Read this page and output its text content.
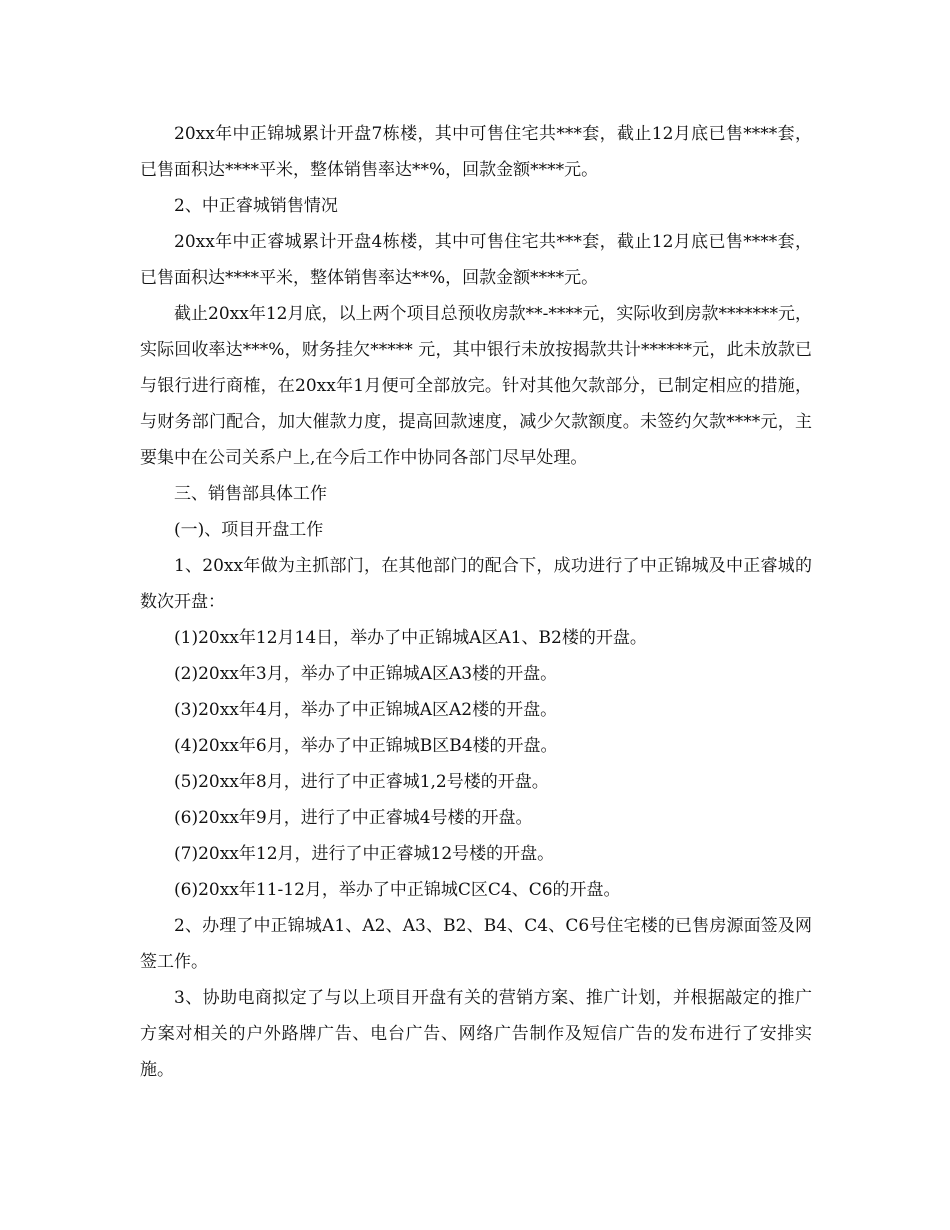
20xx年中正锦城累计开盘7栋楼，其中可售住宅共***套，截止12月底已售****套，已售面积达****平米，整体销售率达**%，回款金额****元。

2、中正睿城销售情况

20xx年中正睿城累计开盘4栋楼，其中可售住宅共***套，截止12月底已售****套，已售面积达****平米，整体销售率达**%，回款金额****元。

截止20xx年12月底，以上两个项目总预收房款**-****元，实际收到房款*******元，实际回收率达***%，财务挂欠***** 元，其中银行未放按揭款共计******元，此未放款已与银行进行商榷，在20xx年1月便可全部放完。针对其他欠款部分，已制定相应的措施，与财务部门配合，加大催款力度，提高回款速度，减少欠款额度。未签约欠款****元，主要集中在公司关系户上,在今后工作中协同各部门尽早处理。

三、销售部具体工作

(一)、项目开盘工作

1、20xx年做为主抓部门，在其他部门的配合下，成功进行了中正锦城及中正睿城的数次开盘：

(1)20xx年12月14日，举办了中正锦城A区A1、B2楼的开盘。

(2)20xx年3月，举办了中正锦城A区A3楼的开盘。

(3)20xx年4月，举办了中正锦城A区A2楼的开盘。

(4)20xx年6月，举办了中正锦城B区B4楼的开盘。

(5)20xx年8月，进行了中正睿城1,2号楼的开盘。

(6)20xx年9月，进行了中正睿城4号楼的开盘。

(7)20xx年12月，进行了中正睿城12号楼的开盘。

(6)20xx年11-12月，举办了中正锦城C区C4、C6的开盘。

2、办理了中正锦城A1、A2、A3、B2、B4、C4、C6号住宅楼的已售房源面签及网签工作。

3、协助电商拟定了与以上项目开盘有关的营销方案、推广计划，并根据敲定的推广方案对相关的户外路牌广告、电台广告、网络广告制作及短信广告的发布进行了安排实施。
